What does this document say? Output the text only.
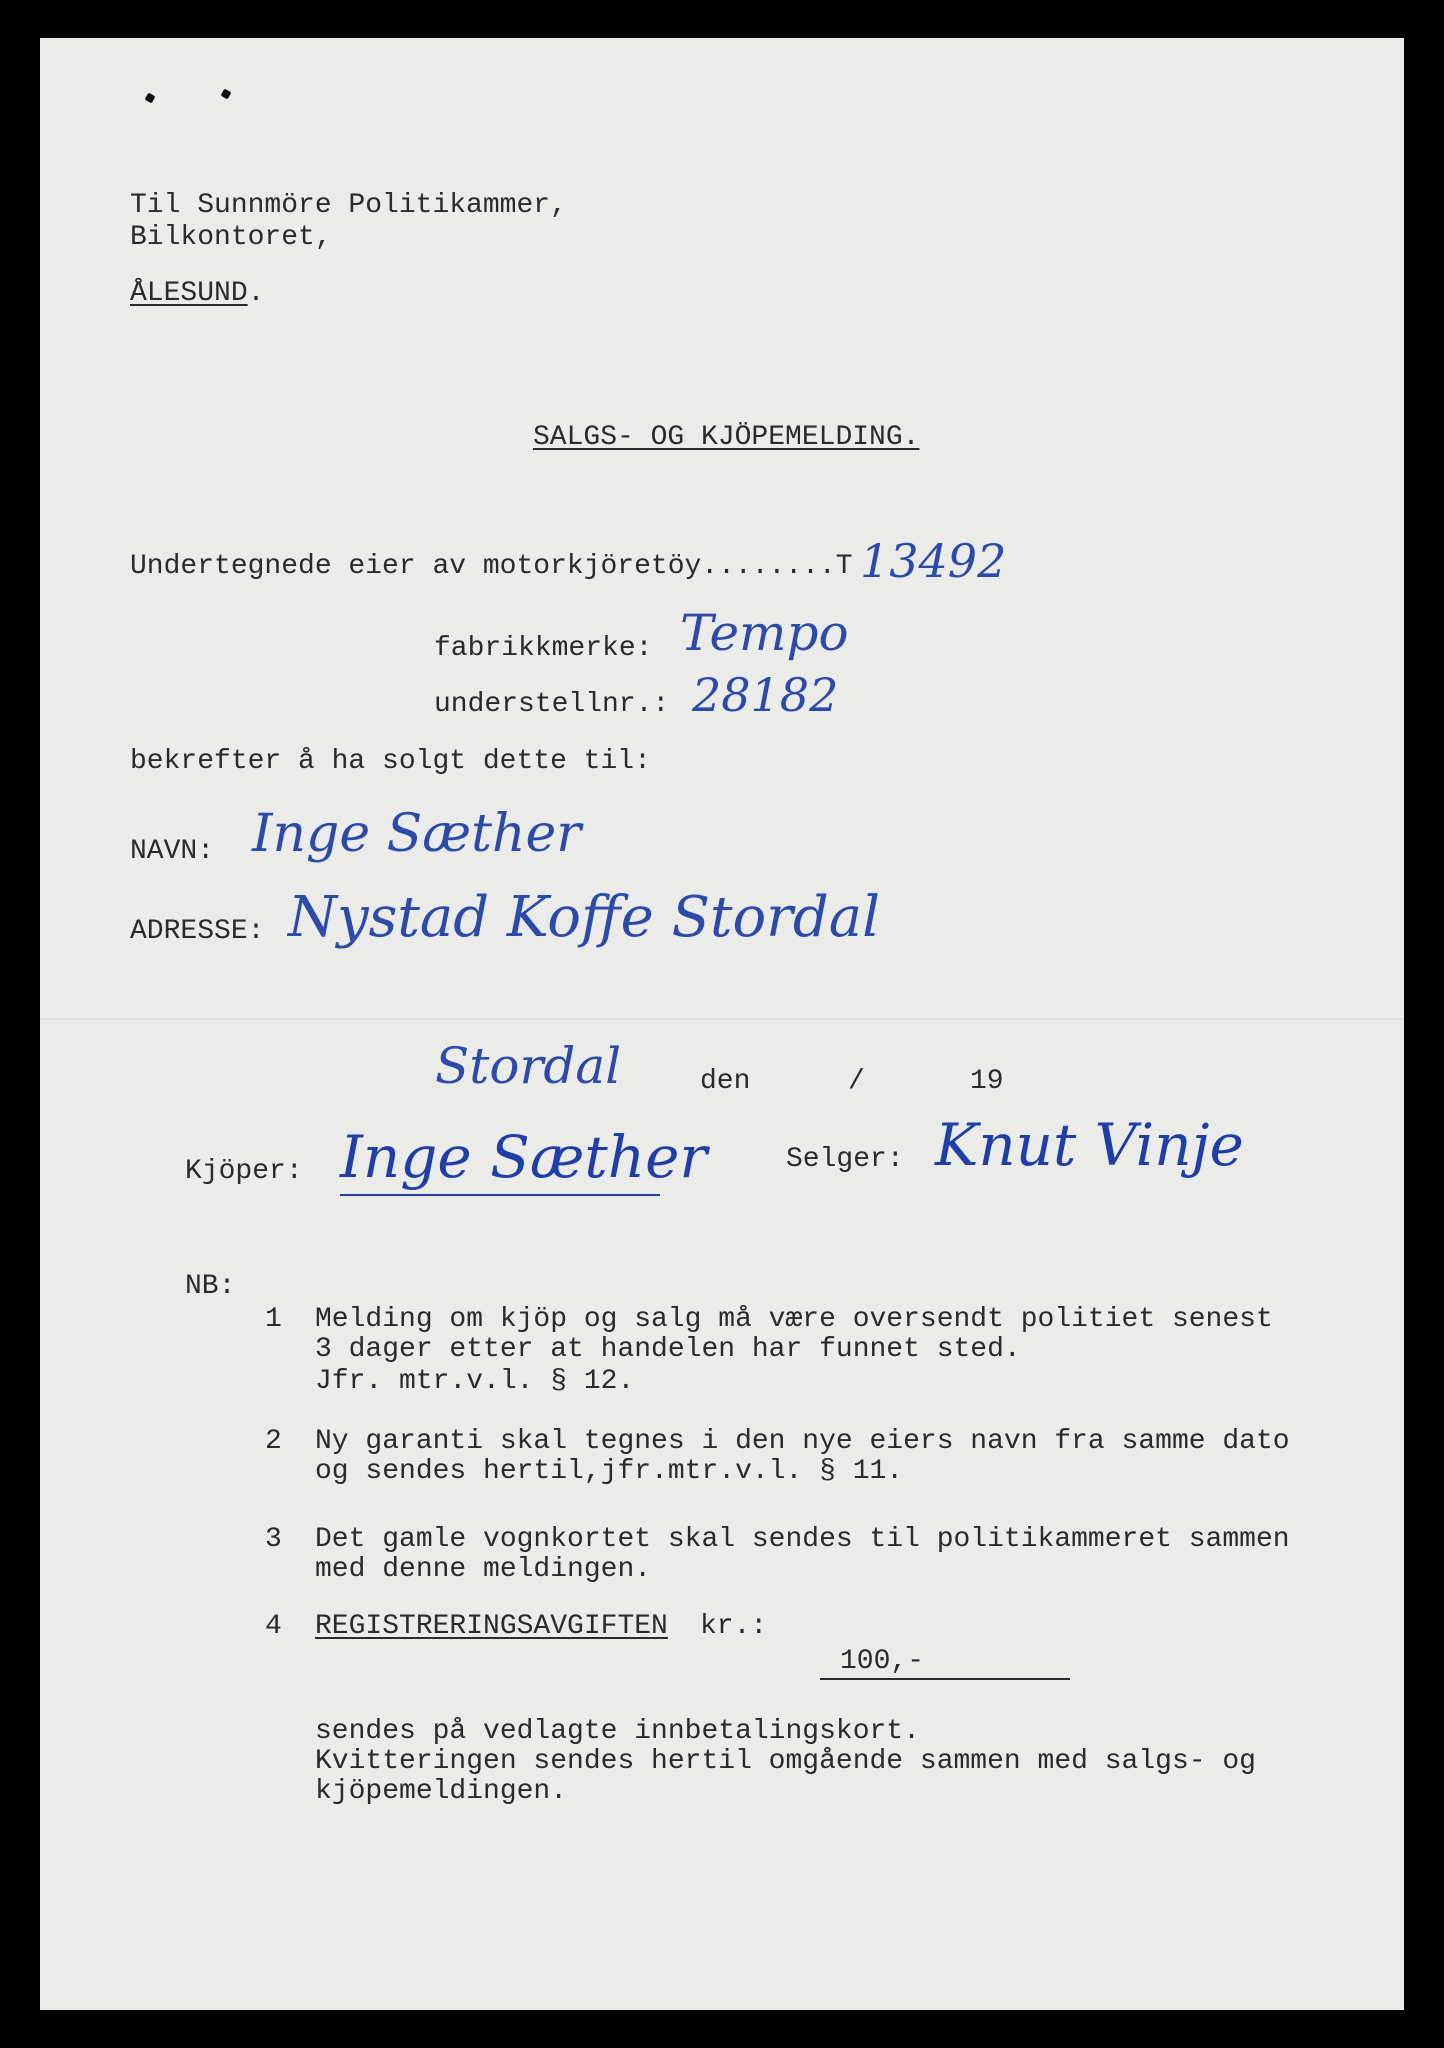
Til Sunnmöre Politikammer,
Bilkontoret,
ÅLESUND.
SALGS- OG KJÖPEMELDING.
Undertegnede eier av motorkjöretöy........T 13492
fabrikkmerke: Tempo
understellnr.: 28182
bekrefter å ha solgt dette til:
NAVN: Inge Sæther
ADRESSE: Nystad Koffe Stordal
Stordal	den	/	19
Kjöper: Inge Sæther	Selger: Knut Vinje
NB:
1 Melding om kjöp og salg må være oversendt politiet senest
3 dager etter at handelen har funnet sted.
Jfr. mtr.v.l. § 12.
2 Ny garanti skal tegnes i den nye eiers navn fra samme dato
og sendes hertil,jfr.mtr.v.l. § 11.
3 Det gamle vognkortet skal sendes til politikammeret sammen
med denne meldingen.
4 REGISTRERINGSAVGIFTEN kr.:
100,-
sendes på vedlagte innbetalingskort.
Kvitteringen sendes hertil omgående sammen med salgs- og
kjöpemeldingen.
